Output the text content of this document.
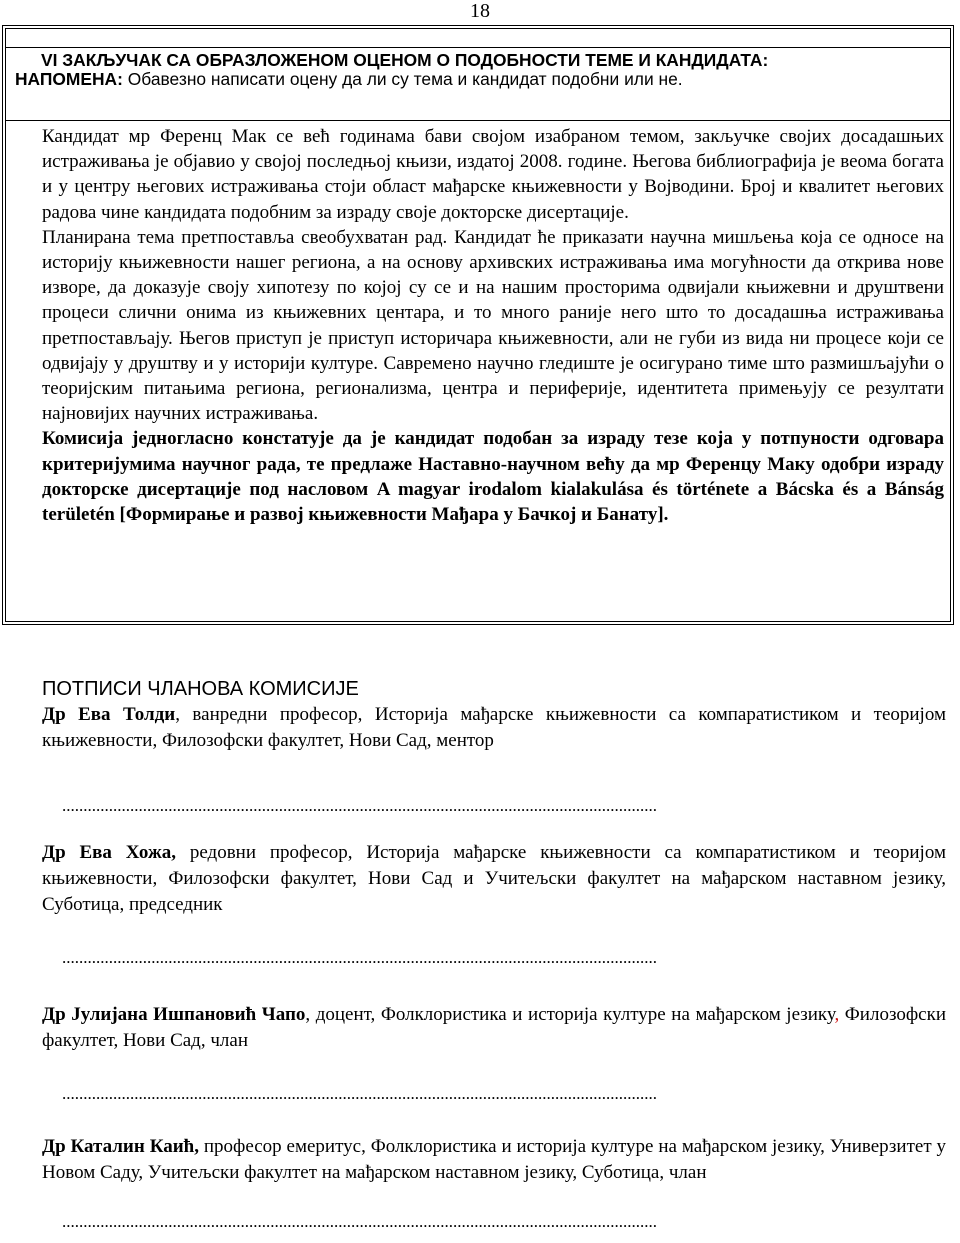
18
VI ЗАКЉУЧАК СА ОБРАЗЛОЖЕНОМ ОЦЕНОМ О ПОДОБНОСТИ ТЕМЕ И КАНДИДАТА:
НАПОМЕНА: Обавезно написати оцену да ли су тема и кандидат подобни или не.

Кандидат мр Ференц Мак се већ годинама бави својом изабраном темом, закључке својих досадашњих истраживања је објавио у својој последњој књизи, издатој 2008. године. Његова библиографија је веома богата и у центру његових истраживања стоји област мађарске књижевности у Војводини. Број и квалитет његових радова чине кандидата подобним за израду своје докторске дисертације.

Планирана тема претпоставља свеобухватан рад. Кандидат ће приказати научна мишљења која се односе на историју књижевности нашег региона, а на основу архивских истраживања има могућности да открива нове изворе, да доказује своју хипотезу по којој су се и на нашим просторима одвијали књижевни и друштвени процеси слични онима из књижевних центара, и то много раније него што то досадашња истраживања претпостављају. Његов приступ је приступ историчара књижевности, али не губи из вида ни процесе који се одвијају у друштву и у историји културе. Савремено научно гледиште је осигурано тиме што размишљајући о теоријским питањима региона, регионализма, центра и периферије, идентитета примењују се резултати најновијих научних истраживања.

Комисија једногласно констатује да је кандидат подобан за израду тезе која у потпуности одговара критеријумима научног рада, те предлаже Наставно-научном већу да мр Ференцу Маку одобри израду докторске дисертације под насловом A magyar irodalom kialakulása és története a Bácska és a Bánság területén [Формирање и развој књижевности Мађара у Бачкој и Банату].

ПОТПИСИ ЧЛАНОВА КОМИСИЈЕ

Др Ева Толди, ванредни професор, Историја мађарске књижевности са компаратистиком и теоријом књижевности, Филозофски факултет, Нови Сад, ментор

............................................................................................................................................

Др Ева Хожа, редовни професор, Историја мађарске књижевности са компаратистиком и теоријом књижевности, Филозофски факултет, Нови Сад и Учитељски факултет на мађарском наставном језику, Суботица, председник

............................................................................................................................................

Др Јулијана Ишпановић Чапо, доцент, Фолклористика и историја културе на мађарском језику, Филозофски факултет, Нови Сад, члан

............................................................................................................................................

Др Каталин Каић, професор емеритус, Фолклористика и историја културе на мађарском језику, Универзитет у Новом Саду, Учитељски факултет на мађарском наставном језику, Суботица, члан

............................................................................................................................................
